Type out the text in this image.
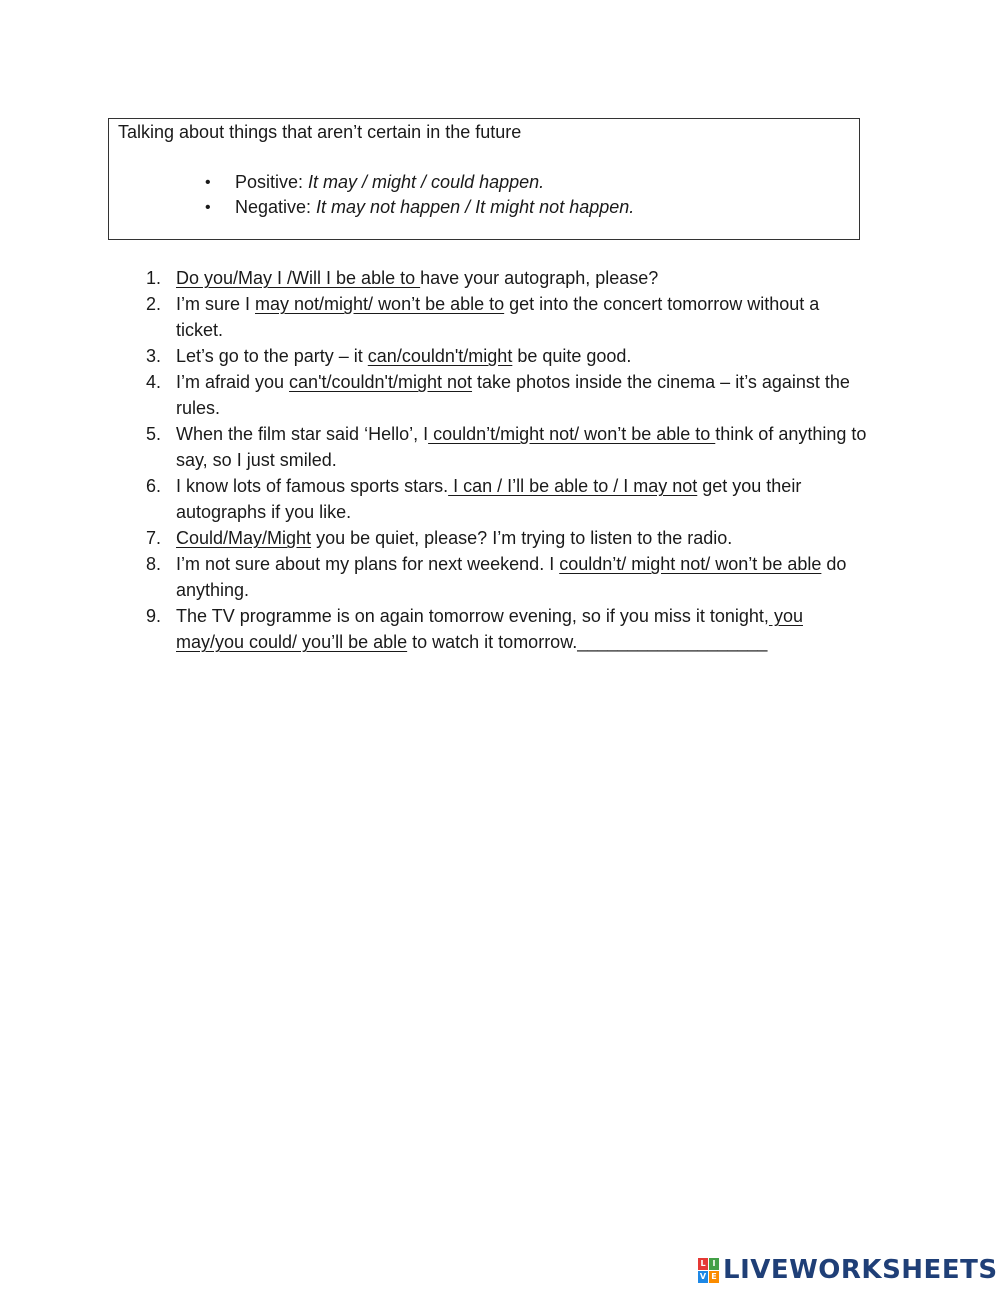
Talking about things that aren’t certain in the future
• Positive: It may / might / could happen.
• Negative: It may not happen / It might not happen.
1. Do you/May I /Will I be able to have your autograph, please?
2. I’m sure I may not/might/ won’t be able to get into the concert tomorrow without a ticket.
3. Let’s go to the party – it can/couldn't/might be quite good.
4. I’m afraid you can't/couldn't/might not take photos inside the cinema – it’s against the rules.
5. When the film star said ‘Hello’, I couldn’t/might not/ won’t be able to think of anything to say, so I just smiled.
6. I know lots of famous sports stars. I can / I’ll be able to / I may not get you their autographs if you like.
7. Could/May/Might you be quiet, please? I’m trying to listen to the radio.
8. I’m not sure about my plans for next weekend. I couldn’t/ might not/ won’t be able do anything.
9. The TV programme is on again tomorrow evening, so if you miss it tonight, you may/you could/ you’ll be able to watch it tomorrow.___________________
L I
V E LIVEWORKSHEETS
